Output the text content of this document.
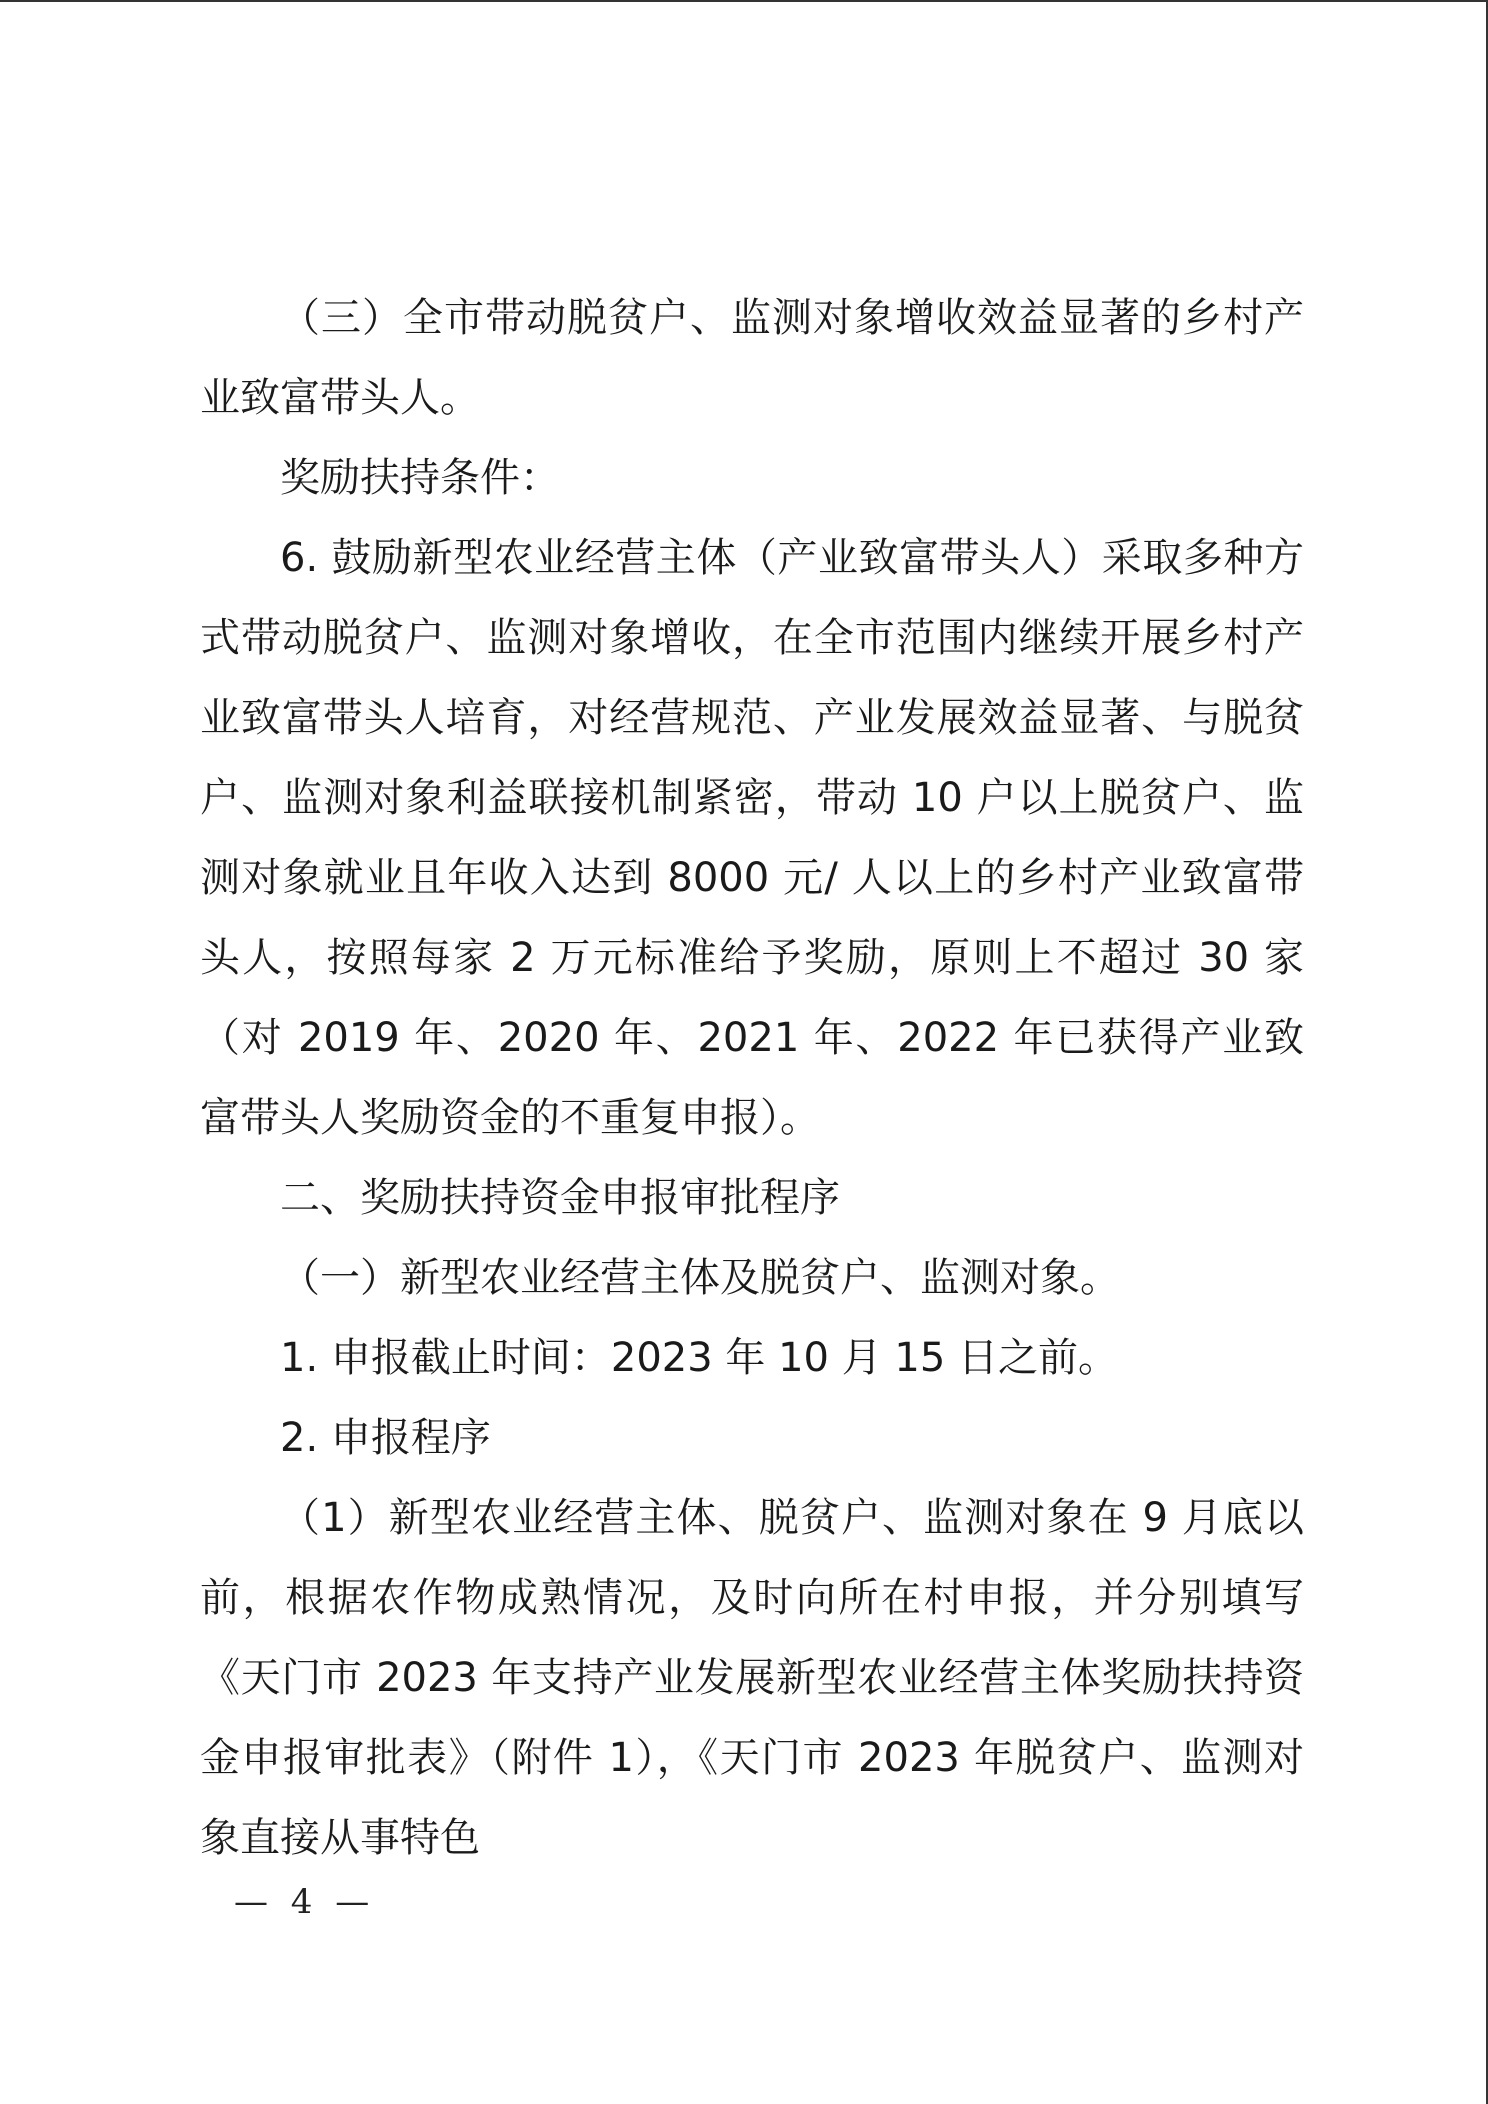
（三）全市带动脱贫户、监测对象增收效益显著的乡村产业致富带头人。

奖励扶持条件：

6. 鼓励新型农业经营主体（产业致富带头人）采取多种方式带动脱贫户、监测对象增收，在全市范围内继续开展乡村产业致富带头人培育，对经营规范、产业发展效益显著、与脱贫户、监测对象利益联接机制紧密，带动 10 户以上脱贫户、监测对象就业且年收入达到 8000 元/ 人以上的乡村产业致富带头人，按照每家 2 万元标准给予奖励，原则上不超过 30 家（对 2019 年、2020 年、2021 年、2022 年已获得产业致富带头人奖励资金的不重复申报）。

二、奖励扶持资金申报审批程序

（一）新型农业经营主体及脱贫户、监测对象。

1. 申报截止时间：2023 年 10 月 15 日之前。

2. 申报程序

（1）新型农业经营主体、脱贫户、监测对象在 9 月底以前，根据农作物成熟情况，及时向所在村申报，并分别填写《天门市 2023 年支持产业发展新型农业经营主体奖励扶持资金申报审批表》（附件 1），《天门市 2023 年脱贫户、监测对象直接从事特色

— 4 —
